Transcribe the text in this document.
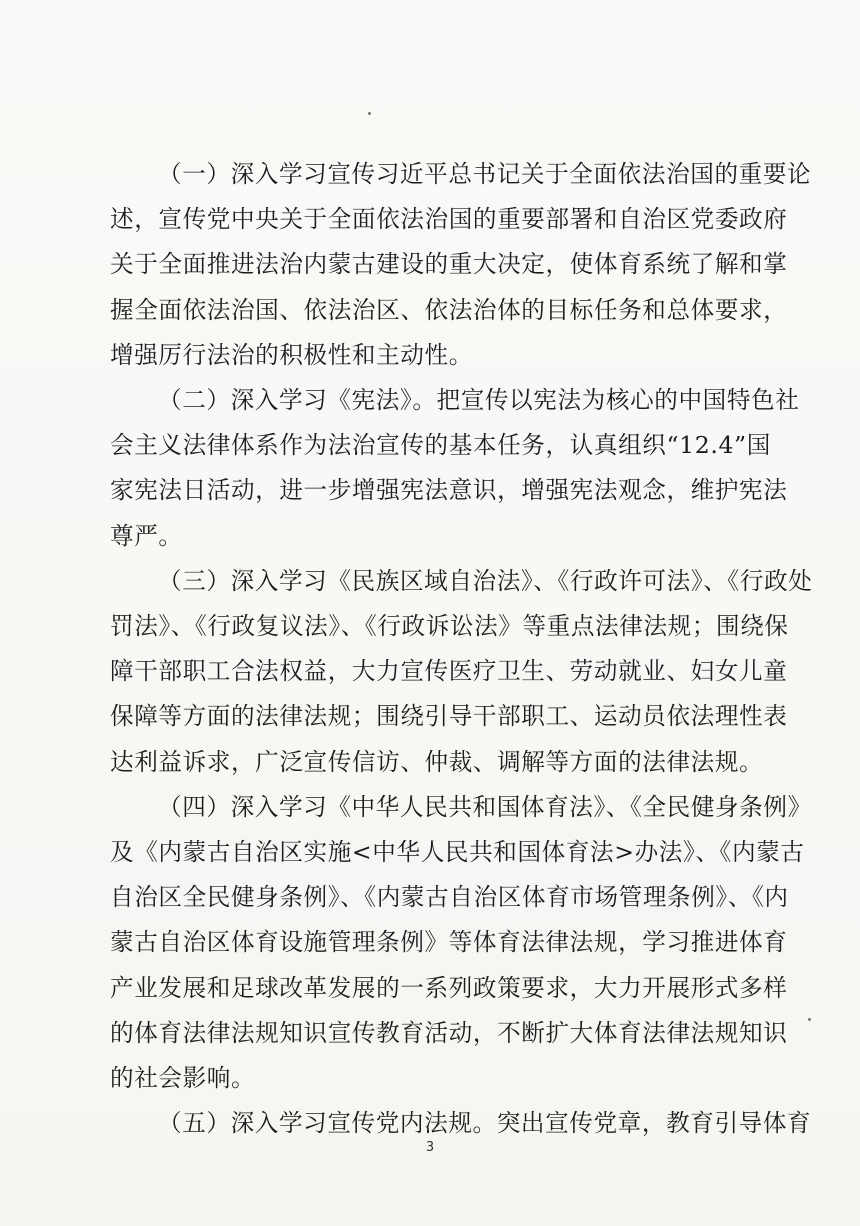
（一）深入学习宣传习近平总书记关于全面依法治国的重要论
述，宣传党中央关于全面依法治国的重要部署和自治区党委政府
关于全面推进法治内蒙古建设的重大决定，使体育系统了解和掌
握全面依法治国、依法治区、依法治体的目标任务和总体要求，
增强厉行法治的积极性和主动性。

（二）深入学习《宪法》。把宣传以宪法为核心的中国特色社
会主义法律体系作为法治宣传的基本任务，认真组织“12.4”国
家宪法日活动，进一步增强宪法意识，增强宪法观念，维护宪法
尊严。

（三）深入学习《民族区域自治法》、《行政许可法》、《行政处
罚法》、《行政复议法》、《行政诉讼法》等重点法律法规；围绕保
障干部职工合法权益，大力宣传医疗卫生、劳动就业、妇女儿童
保障等方面的法律法规；围绕引导干部职工、运动员依法理性表
达利益诉求，广泛宣传信访、仲裁、调解等方面的法律法规。

（四）深入学习《中华人民共和国体育法》、《全民健身条例》
及《内蒙古自治区实施<中华人民共和国体育法>办法》、《内蒙古
自治区全民健身条例》、《内蒙古自治区体育市场管理条例》、《内
蒙古自治区体育设施管理条例》等体育法律法规，学习推进体育
产业发展和足球改革发展的一系列政策要求，大力开展形式多样
的体育法律法规知识宣传教育活动，不断扩大体育法律法规知识
的社会影响。

（五）深入学习宣传党内法规。突出宣传党章，教育引导体育

3
